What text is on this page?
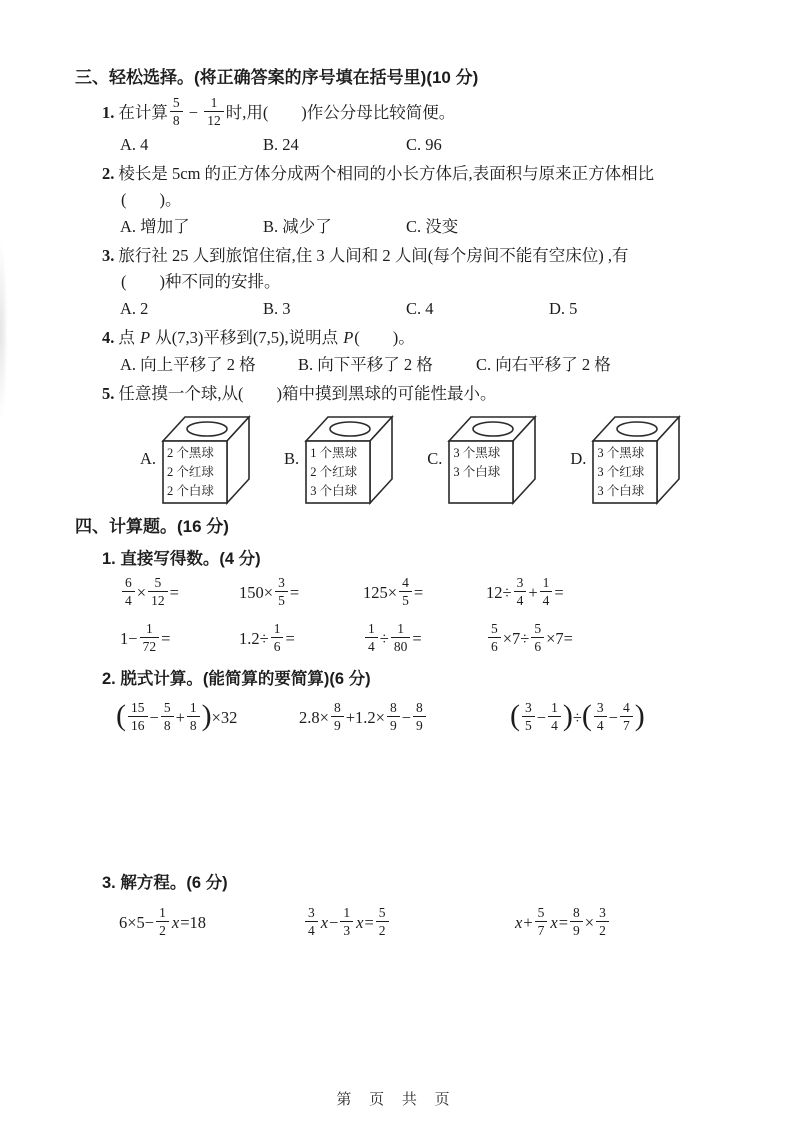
三、轻松选择。(将正确答案的序号填在括号里)(10 分)
1. 在计算 $\frac{5}{8} - \frac{1}{12}$ 时,用(　　)作公分母比较简便。
A. 4	B. 24	C. 96
2. 棱长是 5cm 的正方体分成两个相同的小长方体后,表面积与原来正方体相比
(　　)。
A. 增加了	B. 减少了	C. 没变
3. 旅行社 25 人到旅馆住宿,住 3 人间和 2 人间(每个房间不能有空床位) ,有
(　　)种不同的安排。
A. 2	B. 3	C. 4	D. 5
4. 点 P 从(7,3)平移到(7,5),说明点 P(　　)。
A. 向上平移了 2 格	B. 向下平移了 2 格	C. 向右平移了 2 格
5. 任意摸一个球,从(　　)箱中摸到黑球的可能性最小。
A. 2 个黑球
2 个红球
2 个白球
B. 1 个黑球
2 个红球
3 个白球
C. 3 个黑球
3 个白球
D. 3 个黑球
3 个红球
3 个白球
四、计算题。(16 分)
1. 直接写得数。(4 分)
$\frac{6}{4} \times \frac{5}{12}$ =	$150\times \frac{3}{5}$ =	$125\times \frac{4}{5}$ =	$12\div \frac{3}{4} + \frac{1}{4}$ =
$1- \frac{1}{72}$ =	$1.2\div \frac{1}{6}$ =	$\frac{1}{4} \div \frac{1}{80}$ =	$\frac{5}{6} \times 7\div \frac{5}{6} \times 7=$
2. 脱式计算。(能简算的要简算)(6 分)
( $\frac{15}{16} - \frac{5}{8} + \frac{1}{8} )\times 32$	$2.8\times \frac{8}{9} +1.2\times \frac{8}{9} - \frac{8}{9}$	( $\frac{3}{5} - \frac{1}{4}$ )÷( $\frac{3}{4} - \frac{4}{7}$ )
3. 解方程。(6 分)
$6\times 5- \frac{1}{2} x=18$	$\frac{3}{4} x- \frac{1}{3} x= \frac{5}{2}$	$x+ \frac{5}{7} x= \frac{8}{9} \times \frac{3}{2}$
第 页 共 页
